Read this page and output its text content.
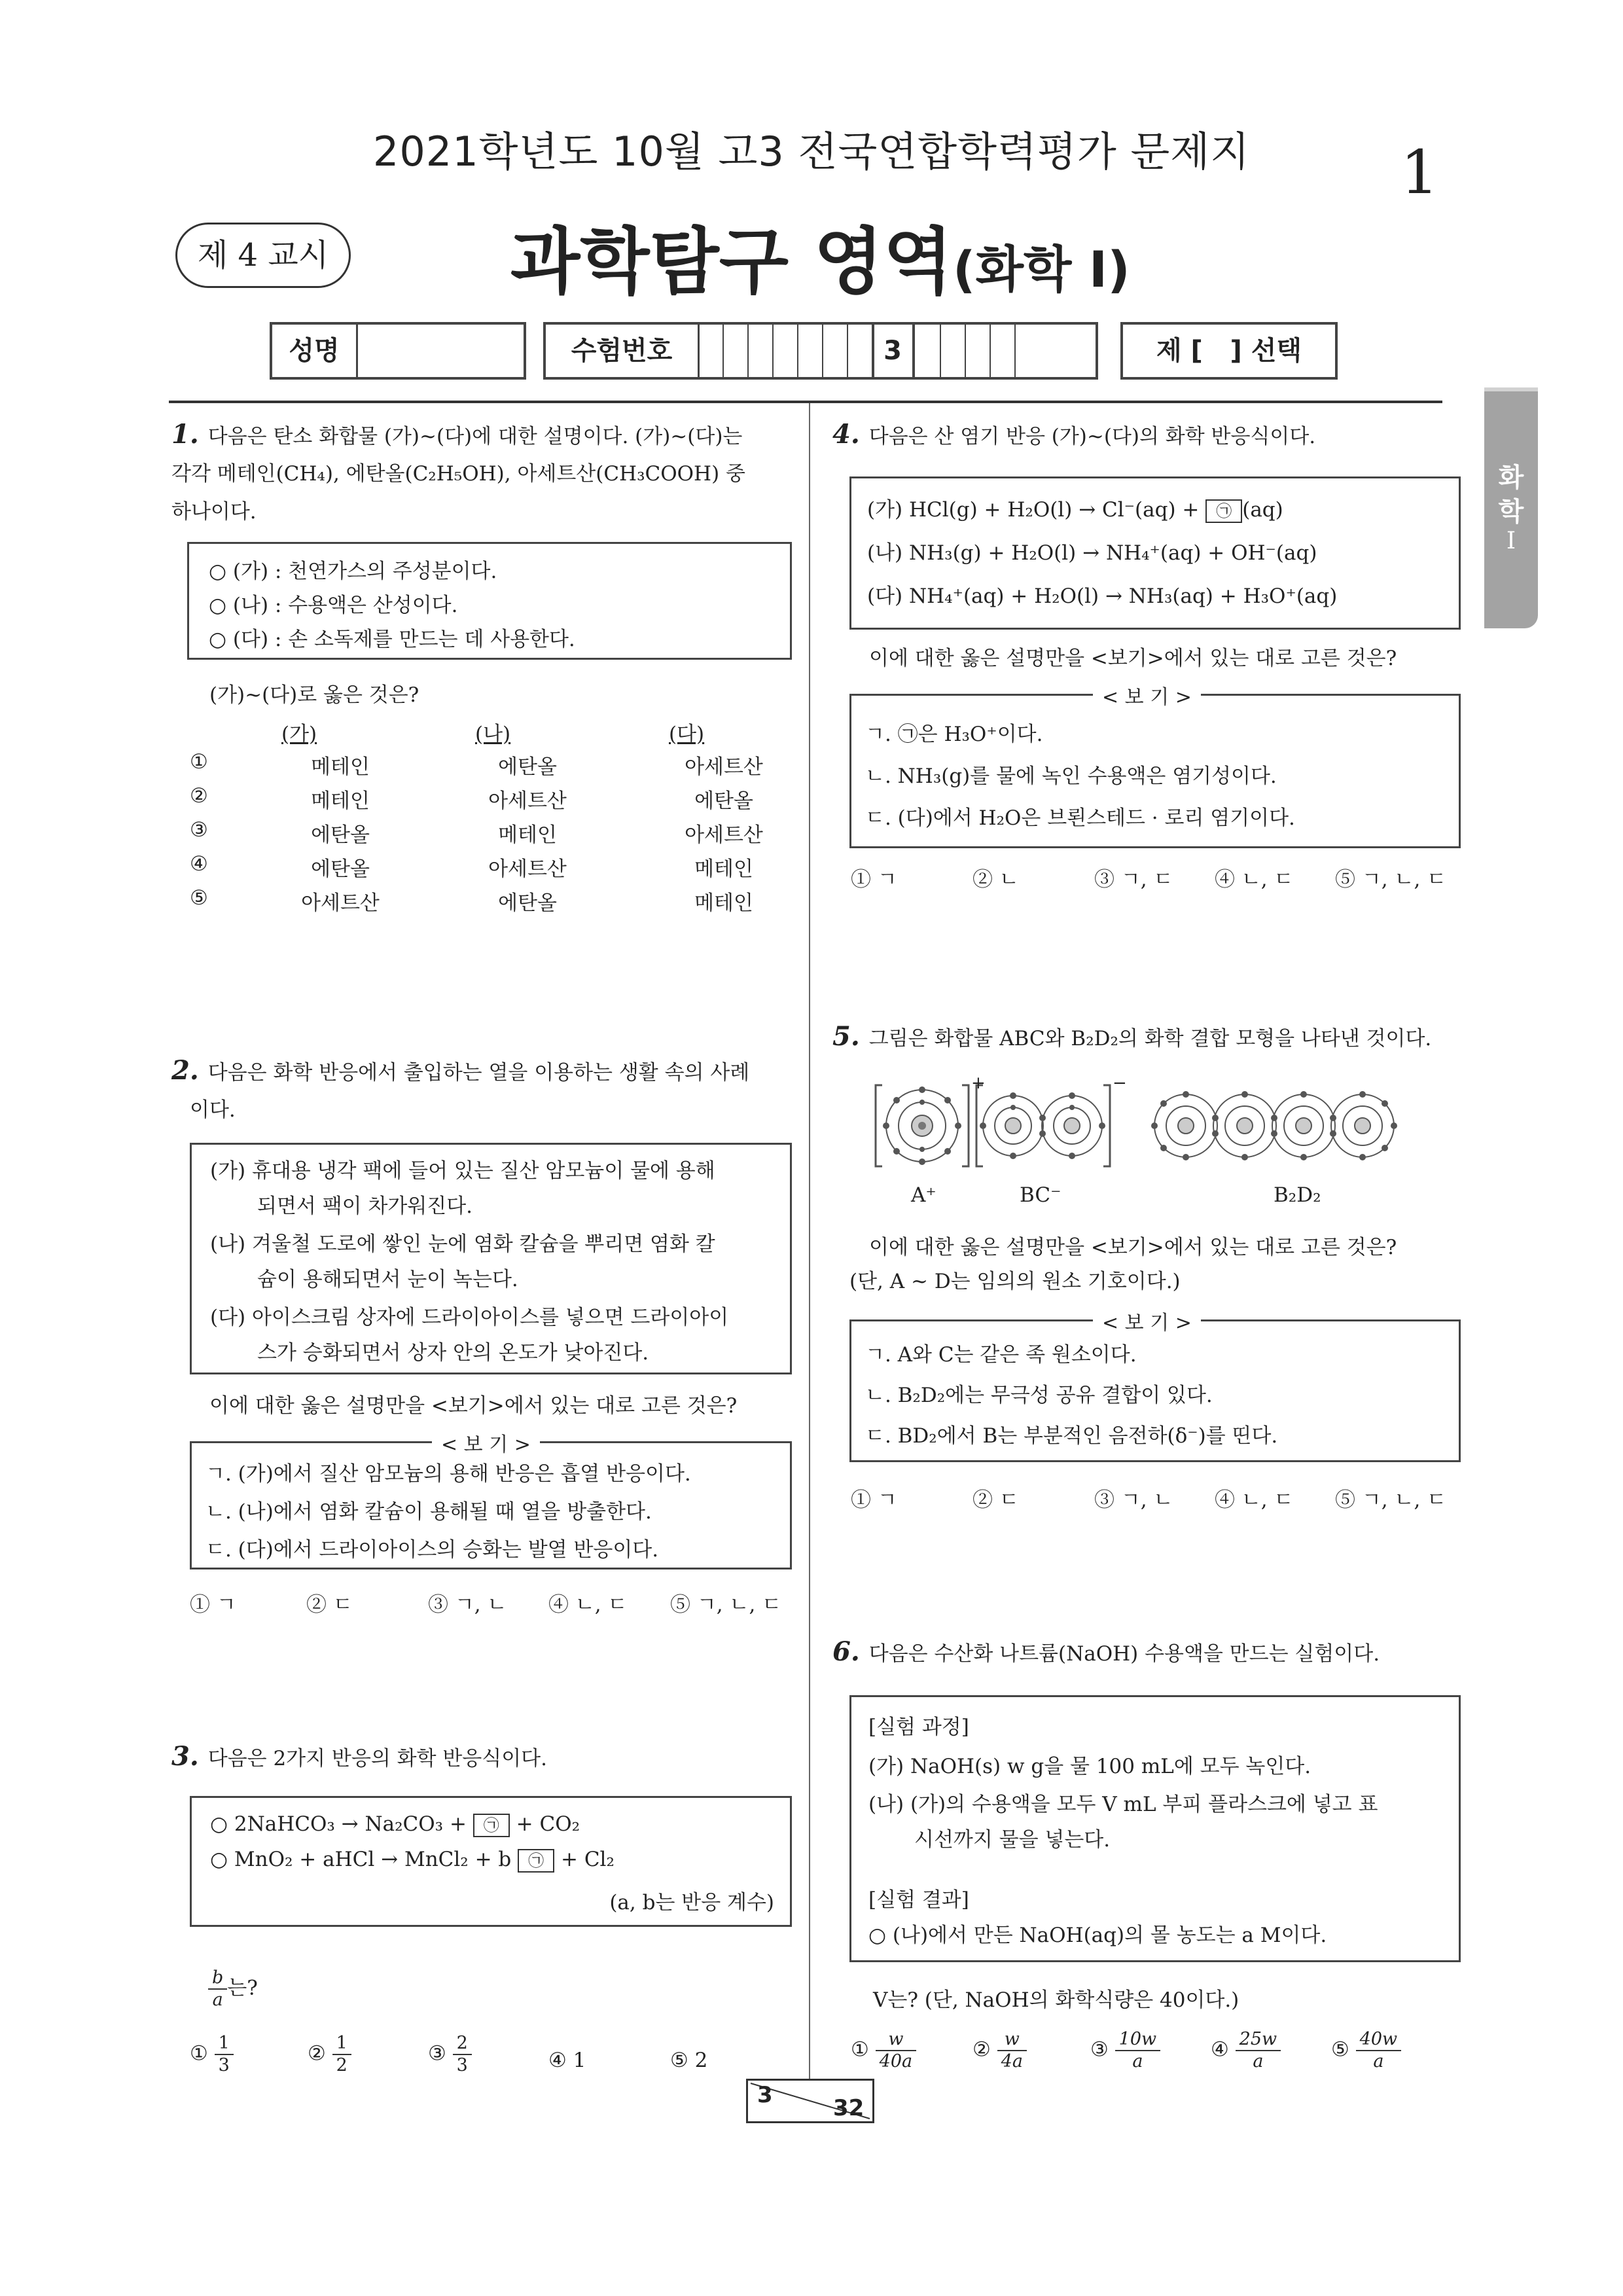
2021학년도 10월 고3 전국연합학력평가 문제지	1
제 4 교시	과학탐구 영역(화학 Ⅰ)
성명	수험번호	3	제 [   ] 선택
화
학
Ⅰ
1. 다음은 탄소 화합물 (가)~(다)에 대한 설명이다. (가)~(다)는
각각 메테인(CH₄), 에탄올(C₂H₅OH), 아세트산(CH₃COOH) 중
하나이다.
○ (가) : 천연가스의 주성분이다.
○ (나) : 수용액은 산성이다.
○ (다) : 손 소독제를 만드는 데 사용한다.
(가)~(다)로 옳은 것은?
(가)	(나)	(다)
①	메테인	에탄올	아세트산
②	메테인	아세트산	에탄올
③	에탄올	메테인	아세트산
④	에탄올	아세트산	메테인
⑤	아세트산	에탄올	메테인
2. 다음은 화학 반응에서 출입하는 열을 이용하는 생활 속의 사례
이다.
(가) 휴대용 냉각 팩에 들어 있는 질산 암모늄이 물에 용해
되면서 팩이 차가워진다.
(나) 겨울철 도로에 쌓인 눈에 염화 칼슘을 뿌리면 염화 칼
슘이 용해되면서 눈이 녹는다.
(다) 아이스크림 상자에 드라이아이스를 넣으면 드라이아이
스가 승화되면서 상자 안의 온도가 낮아진다.
이에 대한 옳은 설명만을 <보기>에서 있는 대로 고른 것은?
< 보 기 >
ㄱ. (가)에서 질산 암모늄의 용해 반응은 흡열 반응이다.
ㄴ. (나)에서 염화 칼슘이 용해될 때 열을 방출한다.
ㄷ. (다)에서 드라이아이스의 승화는 발열 반응이다.
① ㄱ	② ㄷ	③ ㄱ, ㄴ ④ ㄴ, ㄷ ⑤ ㄱ, ㄴ, ㄷ
3. 다음은 2가지 반응의 화학 반응식이다.
○ 2NaHCO₃ → Na₂CO₃ + ㉠ + CO₂
○ MnO₂ + aHCl → MnCl₂ + b ㉠ + Cl₂
(a, b는 반응 계수)
$\frac{b}{a}$ 는?
① $\frac{1}{3}$	② $\frac{1}{2}$	③ $\frac{2}{3}$	④ 1	⑤ 2
4. 다음은 산 염기 반응 (가)~(다)의 화학 반응식이다.
(가) HCl(g) + H₂O(l) → Cl⁻(aq) + ㉠ (aq)
(나) NH₃(g) + H₂O(l) → NH₄⁺(aq) + OH⁻(aq)
(다) NH₄⁺(aq) + H₂O(l) → NH₃(aq) + H₃O⁺(aq)
이에 대한 옳은 설명만을 <보기>에서 있는 대로 고른 것은?
< 보 기 >
ㄱ. ㉠은 H₃O⁺이다.
ㄴ. NH₃(g)를 물에 녹인 수용액은 염기성이다.
ㄷ. (다)에서 H₂O은 브뢴스테드 · 로리 염기이다.
① ㄱ	② ㄴ	③ ㄱ, ㄷ ④ ㄴ, ㄷ ⑤ ㄱ, ㄴ, ㄷ
5. 그림은 화합물 ABC와 B₂D₂의 화학 결합 모형을 나타낸 것이다.
+	−
A⁺	BC⁻	B₂D₂
이에 대한 옳은 설명만을 <보기>에서 있는 대로 고른 것은?
(단, A ~ D는 임의의 원소 기호이다.)
< 보 기 >
ㄱ. A와 C는 같은 족 원소이다.
ㄴ. B₂D₂에는 무극성 공유 결합이 있다.
ㄷ. BD₂에서 B는 부분적인 음전하(δ⁻)를 띤다.
① ㄱ	② ㄷ	③ ㄱ, ㄴ ④ ㄴ, ㄷ ⑤ ㄱ, ㄴ, ㄷ
6. 다음은 수산화 나트륨(NaOH) 수용액을 만드는 실험이다.
[실험 과정]
(가) NaOH(s) w g을 물 100 mL에 모두 녹인다.
(나) (가)의 수용액을 모두 V mL 부피 플라스크에 넣고 표
시선까지 물을 넣는다.
[실험 결과]
○ (나)에서 만든 NaOH(aq)의 몰 농도는 a M이다.
V는? (단, NaOH의 화학식량은 40이다.)
① $\frac{w}{40a}$	② $\frac{w}{4a}$	③ $\frac{10w}{a}$ ④ $\frac{25w}{a}$ ⑤ $\frac{40w}{a}$
3	32
